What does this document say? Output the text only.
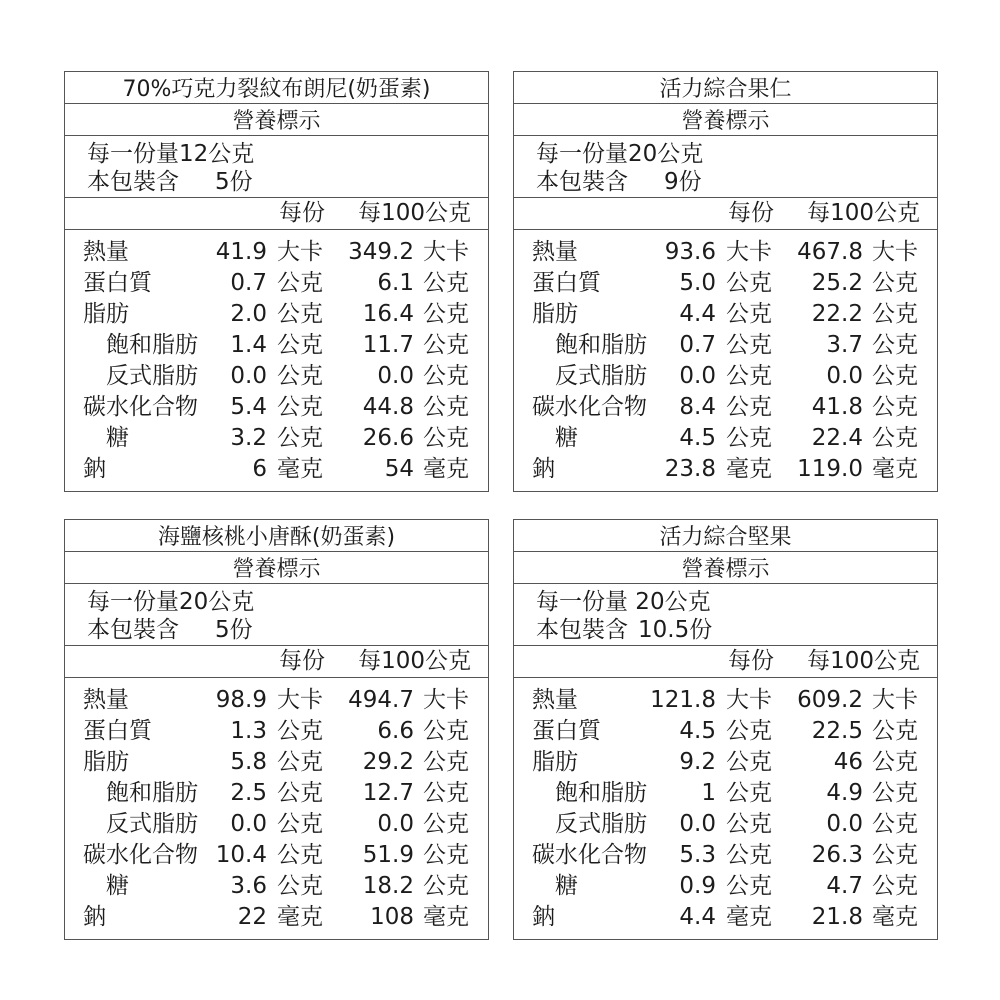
70%巧克力裂紋布朗尼(奶蛋素)
營養標示
每一份量12公克
本包裝含 5份
每份 每100公克
熱量	41.9 大卡	349.2 大卡
蛋白質	0.7 公克	6.1 公克
脂肪	2.0 公克	16.4 公克
飽和脂肪	1.4 公克	11.7 公克
反式脂肪	0.0 公克	0.0 公克
碳水化合物	5.4 公克	44.8 公克
糖	3.2 公克	26.6 公克
鈉	6 毫克	54 毫克
活力綜合果仁
營養標示
每一份量20公克
本包裝含 9份
每份 每100公克
熱量	93.6 大卡	467.8 大卡
蛋白質	5.0 公克	25.2 公克
脂肪	4.4 公克	22.2 公克
飽和脂肪	0.7 公克	3.7 公克
反式脂肪	0.0 公克	0.0 公克
碳水化合物	8.4 公克	41.8 公克
糖	4.5 公克	22.4 公克
鈉	23.8 毫克	119.0 毫克
海鹽核桃小唐酥(奶蛋素)
營養標示
每一份量20公克
本包裝含 5份
每份 每100公克
熱量	98.9 大卡	494.7 大卡
蛋白質	1.3 公克	6.6 公克
脂肪	5.8 公克	29.2 公克
飽和脂肪	2.5 公克	12.7 公克
反式脂肪	0.0 公克	0.0 公克
碳水化合物 10.4 公克	51.9 公克
糖	3.6 公克	18.2 公克
鈉	22 毫克	108 毫克
活力綜合堅果
營養標示
每一份量 20公克
本包裝含 10.5份
每份 每100公克
熱量	121.8 大卡	609.2 大卡
蛋白質	4.5 公克	22.5 公克
脂肪	9.2 公克	46 公克
飽和脂肪	1 公克	4.9 公克
反式脂肪	0.0 公克	0.0 公克
碳水化合物	5.3 公克	26.3 公克
糖	0.9 公克	4.7 公克
鈉	4.4 毫克	21.8 毫克
